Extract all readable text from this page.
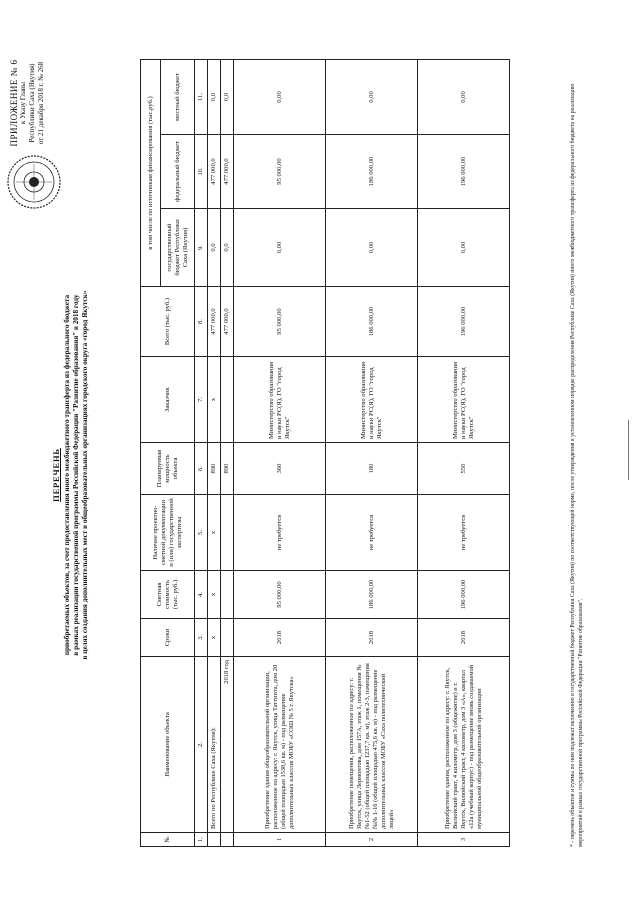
ПРИЛОЖЕНИЕ № 6 к Указу Главы Республики Саха (Якутия) от 21 декабря 2018 г. № 268
ПЕРЕЧЕНЬ приобретаемых объектов, за счет предоставления иного межбюджетного трансферта из федерального бюджета в рамках реализации государственной программы Российской Федерации "Развитие образования" в 2018 году в целях создания дополнительных мест в общеобразовательных организациях городского округа «город Якутск»
№	Наименование объекта	Сроки	Сметная стоимость (тыс. руб.)	Наличие проектно-сметной документации и (или) государственной экспертизы	Планируемая мощность объекта	Заказчик	Всего (тыс. руб.)	в том числе по источникам финансирования (тыс.руб.)		
								государственный бюджет Республики Саха (Якутия)	федеральный бюджет	местный бюджет
1.	2.	3.	4.	5.	6.	7.	8.	9.	10.	11.
	Всего по Республике Саха (Якутия):	x	x	x	890	x	477 000,0	0,0	477 000,0	0,0
	2018 год				890		477 000,0	0,0	477 000,0	0,0
1	Приобретение здания общеобразовательной организации, расположенное по адресу: г. Якутск, улица Таттинта, дом 20 (общей площадью 1538,6 кв. м) - под размещение дополнительных классов МОБУ «СОШ № 5 г. Якутска»	2018	95 000,00	не требуется	360	Министерство образования и науки РС(Я), ГО "город Якутск"	95 000,00	0,00	95 000,00	0,00
2	Приобретение помещения, расположенное по адресу: г. Якутск, улица Лермонтова, дом 157А, этаж 1, помещения №№1-52 (общей площадью 1237,7 кв. м), этаж 2-3, помещения №№ 1-16 (общей площадью 475,6 кв. м) - под размещение дополнительных классов МОБУ «Саха политехнический лицей»	2018	186 000,00	не требуется	180	Министерство образования и науки РС(Я), ГО "город Якутск"	186 000,00	0,00	186 000,00	0,00
3	Приобретение здания, расположенное по адресу: г. Якутск, Вилюйский тракт, 4 километр, дом 3 (общежитие) и г. Якутск, Вилюйский тракт, 4 километр, дом 3 «А», квартал «12а (учебный корпус) - под размещение вновь создаваемой муниципальной общеобразовательной организации	2018	196 000,00	не требуется	550	Министерство образования и науки РС(Я), ГО "город Якутск"	196 000,00	0,00	196 000,00	0,00	* - перечень объектов и суммы по ним подлежат включению в государственный бюджет Республики Саха (Якутия) по соответствующей норме, после утверждения в установленном порядке распределения Республике Саха (Якутия) иного межбюджетного трансферта из федерального бюджета на реализацию мероприятий в рамках государственной программы Российской Федерации "Развитие образования".
